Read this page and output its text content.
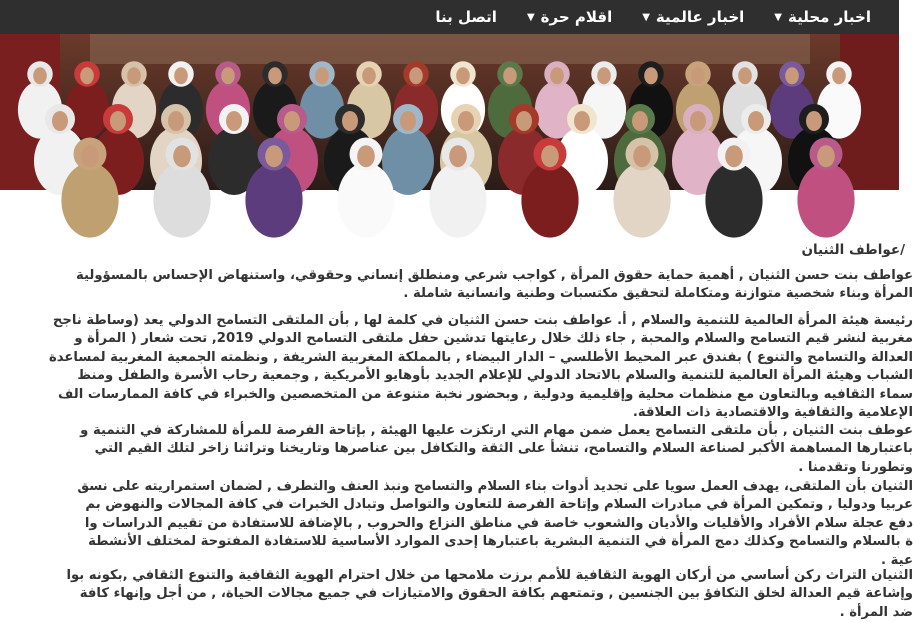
اخبار محلية
▼
اخبار عالمية
▼
اقلام حرة
▼
اتصل بنا
/عواطف الثنيان
عواطف بنت حسن الثنيان , أهمية حماية حقوق المرأة , كواجب شرعي ومنطلق إنساني وحقوقي، واستنهاض الإحساس بالمسؤولية
المرأة وبناء شخصية متوازنة ومتكاملة لتحقيق مكتسبات وطنية وانسانية شاملة .
رئيسة هيئة المرأة العالمية للتنمية والسلام , أ. عواطف بنت حسن الثنيان في كلمة لها , بأن الملتقى التسامح الدولي يعد (وساطة ناجح
مغربية لنشر قيم التسامح والسلام والمحبة , جاء ذلك خلال رعايتها تدشين حفل ملتقى التسامح الدولي 2019, تحت شعار ( المرأة و
العدالة والتسامح والتنوع ) بفندق عبر المحيط الأطلسي – الدار البيضاء , بالمملكة المغربية الشريفة , ونظمته الجمعية المغربية لمساعدة
الشباب وهيئة المرأة العالمية للتنمية والسلام بالاتحاد الدولي للإعلام الجديد بأوهايو الأمريكية , وجمعية رحاب الأسرة والطفل ومنظ
سماء الثقافيه وبالتعاون مع منظمات محلية وإقليمية ودولية , وبحضور نخبة متنوعة من المتخصصين والخبراء في كافة الممارسات الف
الإعلامية والثقافية والاقتصادية ذات العلاقة.
عوطف بنت الثنيان , بأن ملتقى التسامح يعمل ضمن مهام التي ارتكزت عليها الهيئة , بإتاحة الفرصة للمرأة للمشاركة في التنمية و
باعتبارها المساهمة الأكبر لصناعة السلام والتسامح، تنشأ على الثقة والتكافل بين عناصرها وتاريخنا وتراثنا زاخر لتلك القيم التي
وتطورنا وتقدمنا .
الثنيان بأن الملتقى، يهدف العمل سويا على تجديد أدوات بناء السلام والتسامح ونبذ العنف والتطرف , لضمان استمراريته على نسق
عربيا ودوليا , وتمكين المرأة في مبادرات السلام وإتاحة الفرصة للتعاون والتواصل وتبادل الخبرات في كافة المجالات والنهوض بم
دفع عجلة سلام الأفراد والأقليات والأديان والشعوب خاصة في مناطق النزاع والحروب , بالإضافة للاستفادة من تقييم الدراسات وا
ة بالسلام والتسامح وكذلك دمج المرأة في التنمية البشرية باعتبارها إحدى الموارد الأساسية للاستفادة المفتوحة لمختلف الأنشطة
عية .
الثنيان التراث ركن أساسي من أركان الهوية الثقافية للأمم برزت ملامحها من خلال احترام الهوية الثقافية والتنوع الثقافي ,بكونه بوا
وإشاعة قيم العدالة لخلق التكافؤ بين الجنسين , وتمتعهم بكافة الحقوق والامتيازات في جميع مجالات الحياة، , من أجل وإنهاء كافة
ضد المرأة .
